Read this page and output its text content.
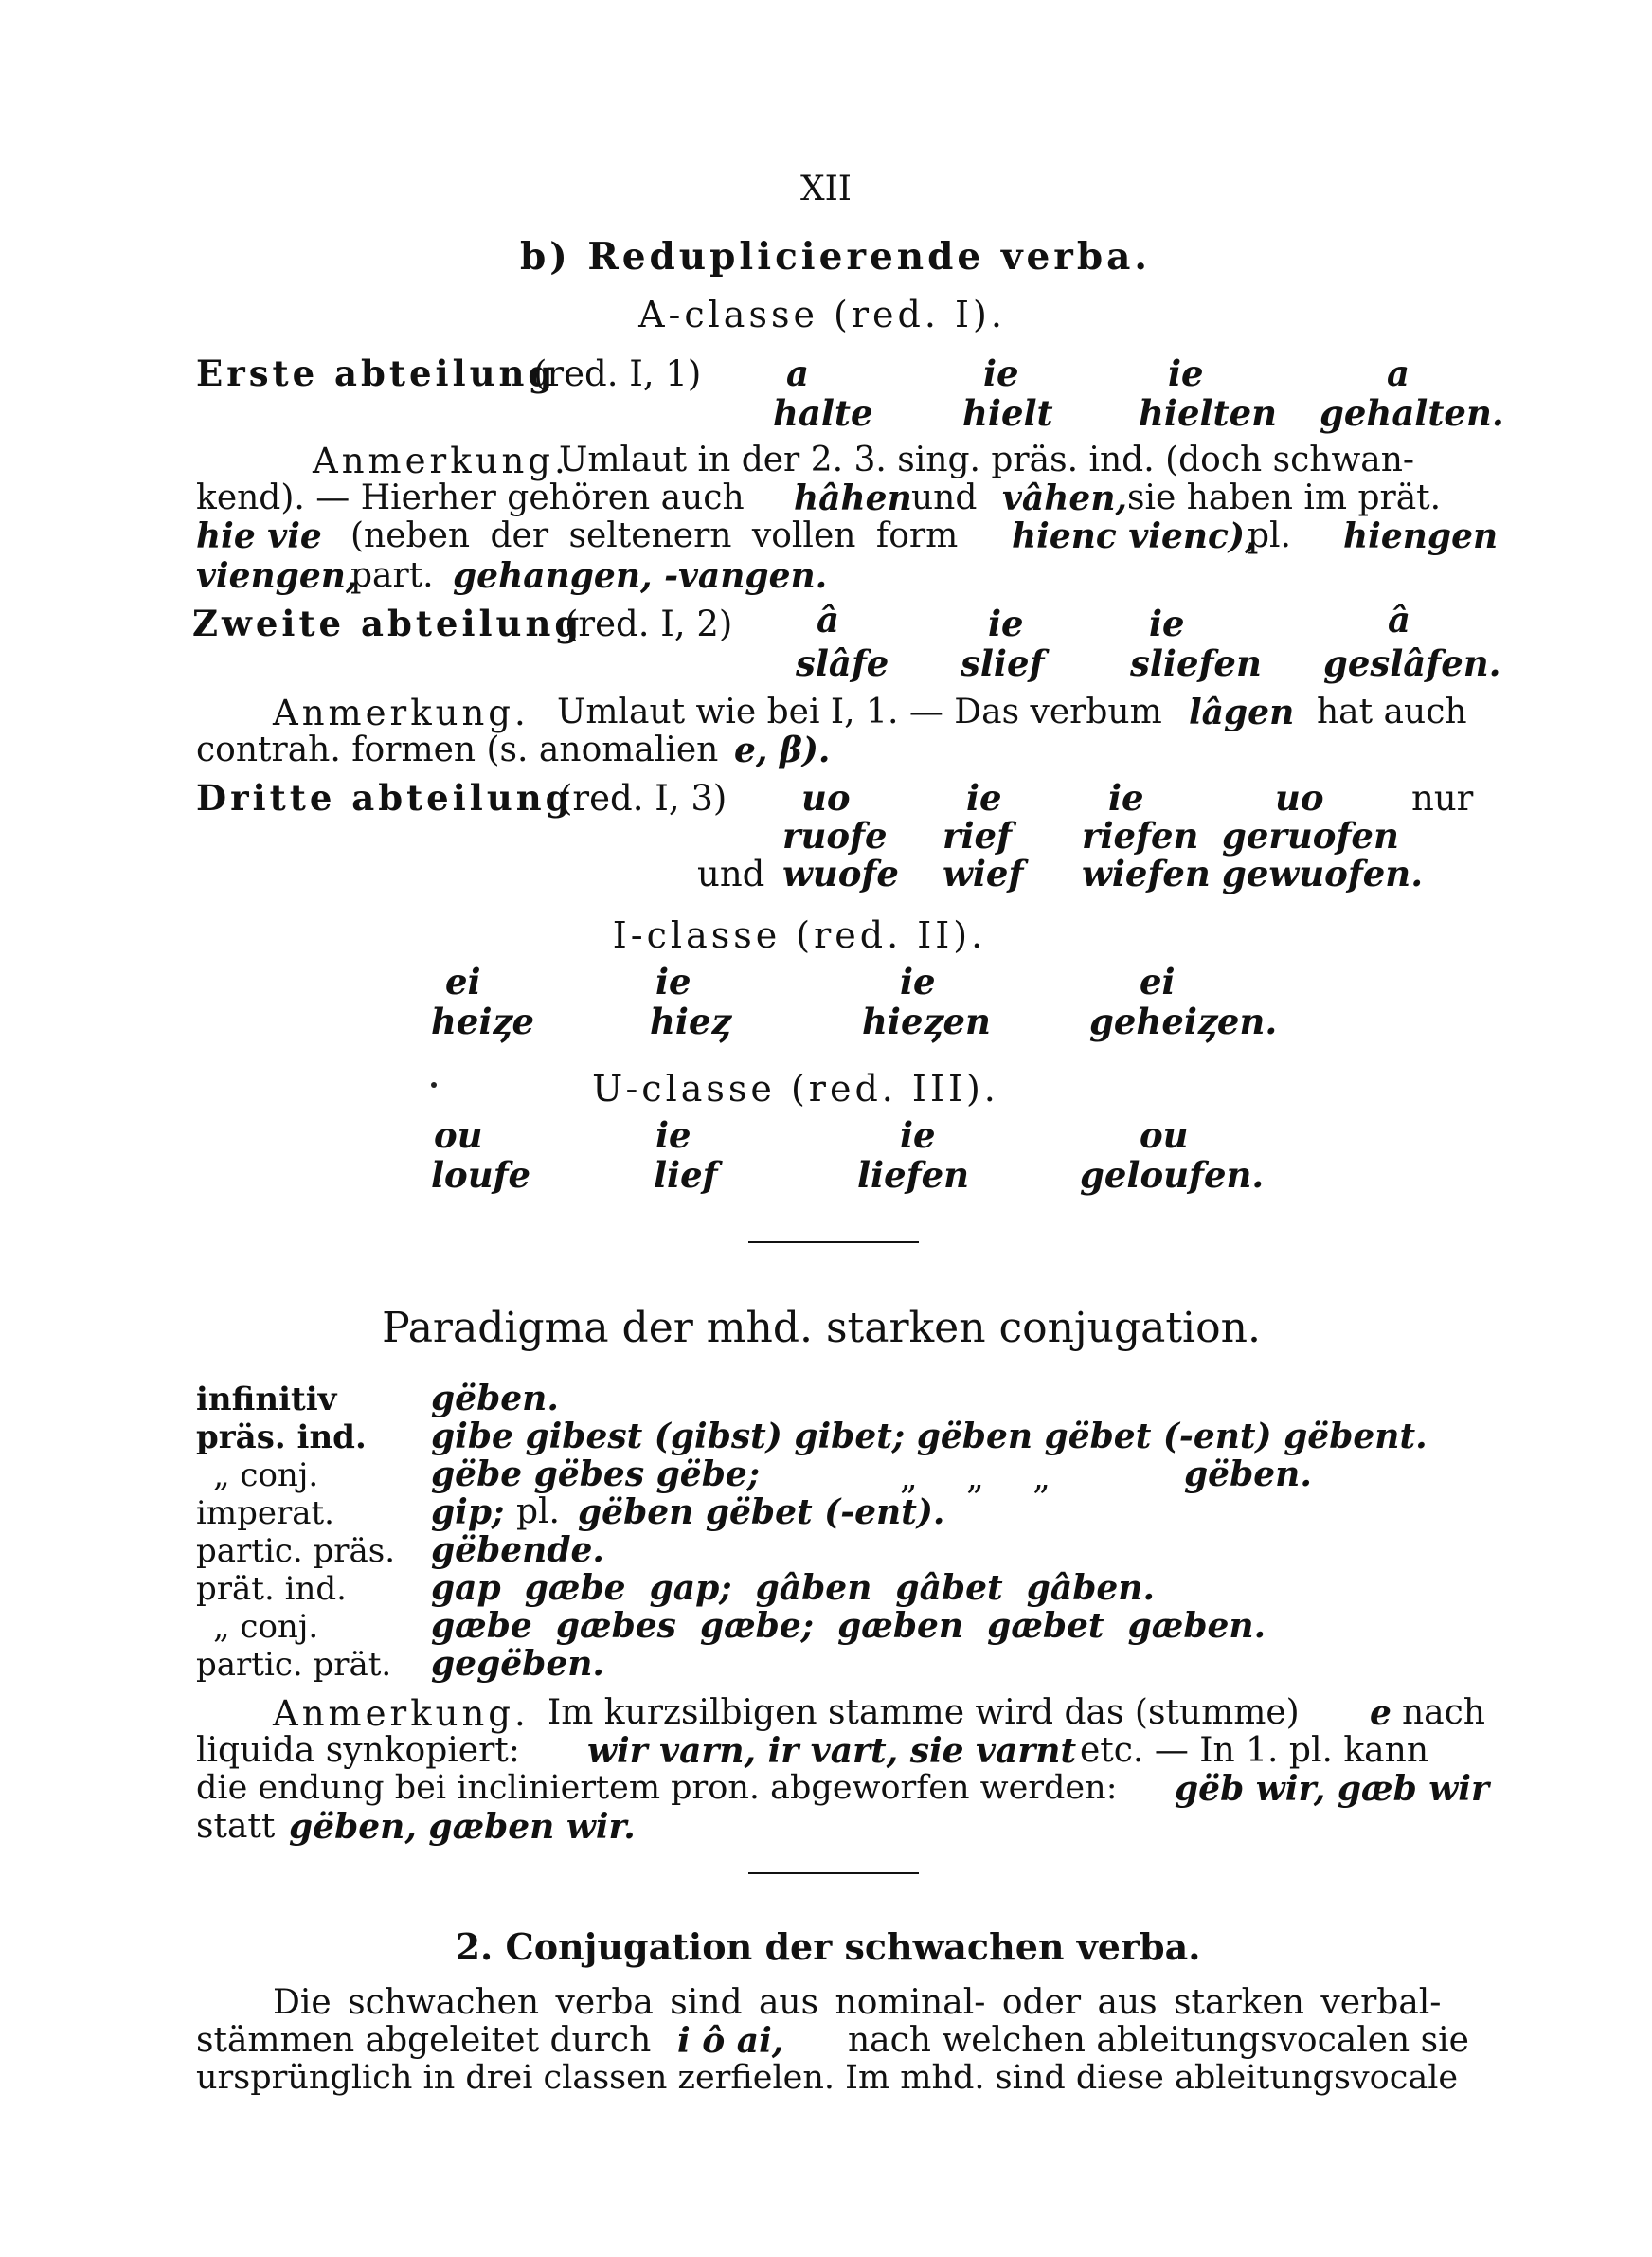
XII
b) Reduplicierende verba.
A-classe (red. I).
Erste abteilung
(red. I, 1) a	ie	ie	a
halte	hielt hielten gehalten.
Anmerkung.
Umlaut in der 2. 3. sing. präs. ind. (doch schwan-
kend). — Hierher gehören auch hâhen und vâhen, sie haben im prät.
hie vie (neben der seltenern vollen form hienc vienc),
pl. hiengen
viengen,
part. gehangen, -vangen.
Zweite abteilung
(red. I, 2) â	ie	ie	â
slâfe slief sliefen geslâfen.
Anmerkung. Umlaut wie bei I, 1. — Das verbum lâgen hat auch
contrah. formen (s. anomalien e, β).
Dritte abteilung
(red. I, 3) uo	ie	ie	uo nur
ruofe rief riefen geruofen
und wuofe wief wiefen gewuofen.
I-classe (red. II).
ei	ie	ie	ei
heiȥe	hieȥ	hieȥen	geheiȥen.
U-classe (red. III).
ou	ie	ie	ou
loufe	lief	liefen	geloufen.
Paradigma der mhd. starken conjugation.
infinitiv	gëben.
präs. ind. gibe gibest (gibst) gibet; gëben gëbet (-ent) gëbent.
„ conj.	gëbe gëbes gëbe;	„ „ „	gëben.
imperat.	gip; pl. gëben gëbet (-ent).
partic. präs. gëbende.
prät. ind. gap  gæbe  gap;  gâben  gâbet  gâben.
„ conj.	gæbe  gæbes  gæbe;  gæben  gæbet  gæben.
partic. prät. gegëben.
Anmerkung. Im kurzsilbigen stamme wird das (stumme) e nach
liquida synkopiert: wir varn, ir vart, sie varnt etc. — In 1. pl. kann
die endung bei incliniertem pron. abgeworfen werden: gëb wir, gæb wir
statt gëben, gæben wir.
2. Conjugation der schwachen verba.
Die schwachen verba sind aus nominal- oder aus starken verbal-
stämmen abgeleitet durch i ô ai, nach welchen ableitungsvocalen sie
ursprünglich in drei classen zerfielen. Im mhd. sind diese ableitungsvocale
